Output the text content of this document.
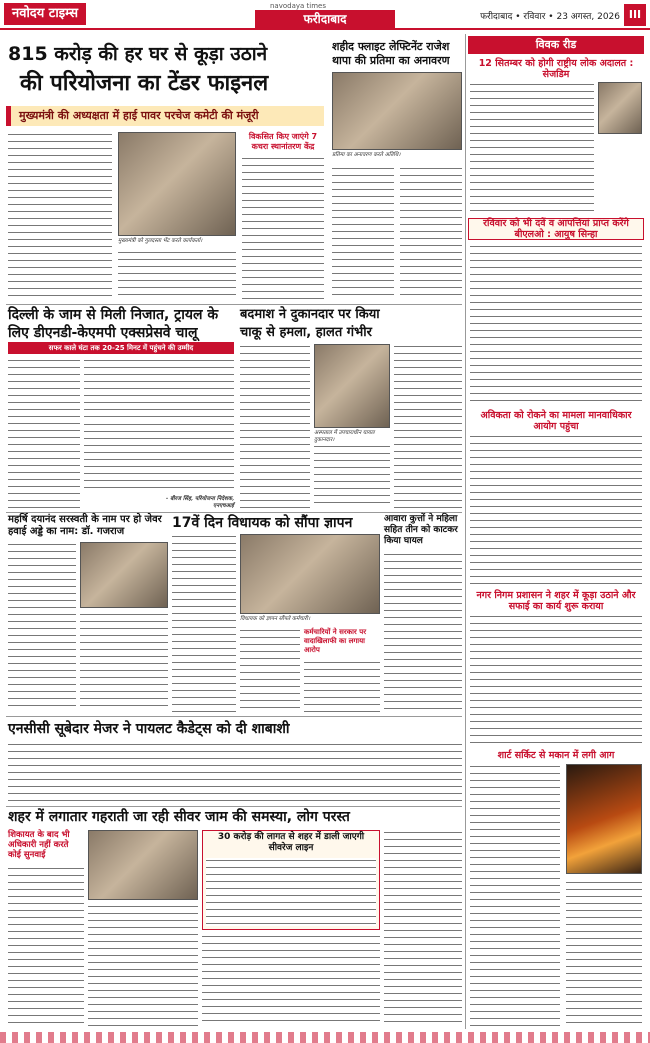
नवोदय टाइम्स	navodaya times
फरीदाबाद	फरीदाबाद • रविवार • 23 अगस्त, 2026 III
815 करोड़ की हर घर से कूड़ा उठाने
की परियोजना का टेंडर फाइनल
मुख्यमंत्री की अध्यक्षता में हाई पावर परचेज कमेटी की मंजूरी
मुख्यमंत्री को गुलदस्ता भेंट करते कार्यकर्ता।
विकसित किए जाएंगे 7 कचरा स्थानांतरण केंद्र
शहीद फ्लाइट लेफ्टिनेंट राजेश थापा की प्रतिमा का अनावरण
प्रतिमा का अनावरण करते अतिथि।
विवक रीड
12 सितम्बर को होगी राष्ट्रीय लोक अदालत : सेजडिम
रविवार को भी दवें व आपत्तियां प्राप्त करेंगे बीएलओ : आयुष सिन्हा
अविकता को रोकने का मामला मानवाधिकार आयोग पहुंचा
नगर निगम प्रशासन ने शहर में कूड़ा उठाने और सफाई का कार्य शुरू कराया
शार्ट सर्किट से मकान में लगी आग
दिल्ली के जाम से मिली निजात, ट्रायल के
लिए डीएनडी-केएमपी एक्सप्रेसवे चालू
सफर काले घंटा तक 20-25 मिनट में पहुंचने की उम्मीद
- बीरज सिंह, परियोजना निदेशक, एनएचआई
बदमाश ने दुकानदार पर किया
चाकू से हमला, हालत गंभीर
अस्पताल में उपचाराधीन घायल दुकानदार।
महर्षि दयानंद सरस्वती के नाम पर हो जेवर हवाई अड्डे का नाम: डॉ. गजराज
17वें दिन विधायक को सौंपा ज्ञापन
विधायक को ज्ञापन सौंपते कर्मचारी।
कर्मचारियों ने सरकार पर वादाखिलाफी का लगाया आरोप
आवारा कुत्तों ने महिला सहित तीन को काटकर किया घायल
एनसीसी सूबेदार मेजर ने पायलट कैडेट्स को दी शाबाशी
शहर में लगातार गहराती जा रही सीवर जाम की समस्या, लोग परस्त
शिकायत के बाद भी अधिकारी नहीं करते कोई सुनवाई
30 करोड़ की लागत से शहर में डाली जाएगी सीवरेज लाइन
